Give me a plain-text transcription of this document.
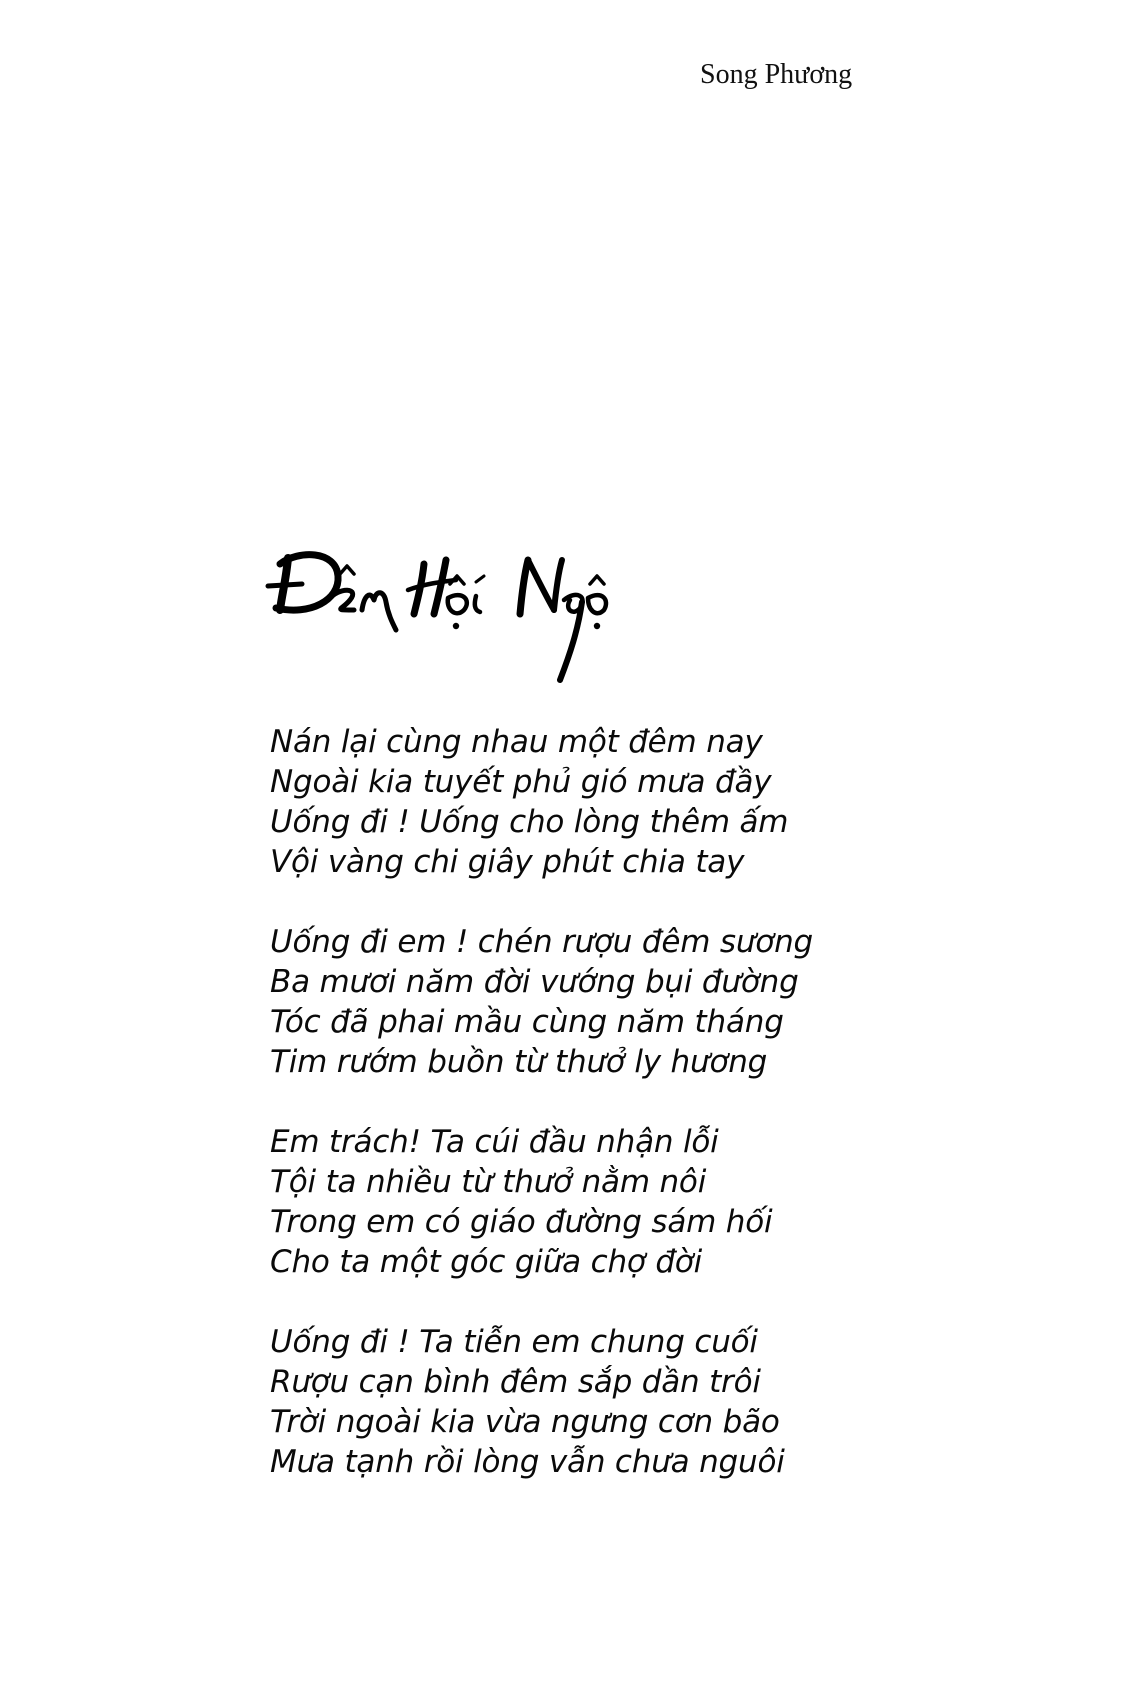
Song Phương
Nán lại cùng nhau một đêm nay
Ngoài kia tuyết phủ gió mưa đầy
Uống đi ! Uống cho lòng thêm ấm
Vội vàng chi giây phút chia tay
Uống đi em ! chén rượu đêm sương
Ba mươi năm đời vướng bụi đường
Tóc đã phai mầu cùng năm tháng
Tim rướm buồn từ thưở ly hương
Em trách! Ta cúi đầu nhận lỗi
Tội ta nhiều từ thưở nằm nôi
Trong em có giáo đường sám hối
Cho ta một góc giữa chợ đời
Uống đi ! Ta tiễn em chung cuối
Rượu cạn bình đêm sắp dần trôi
Trời ngoài kia vừa ngưng cơn bão
Mưa tạnh rồi lòng vẫn chưa nguôi
